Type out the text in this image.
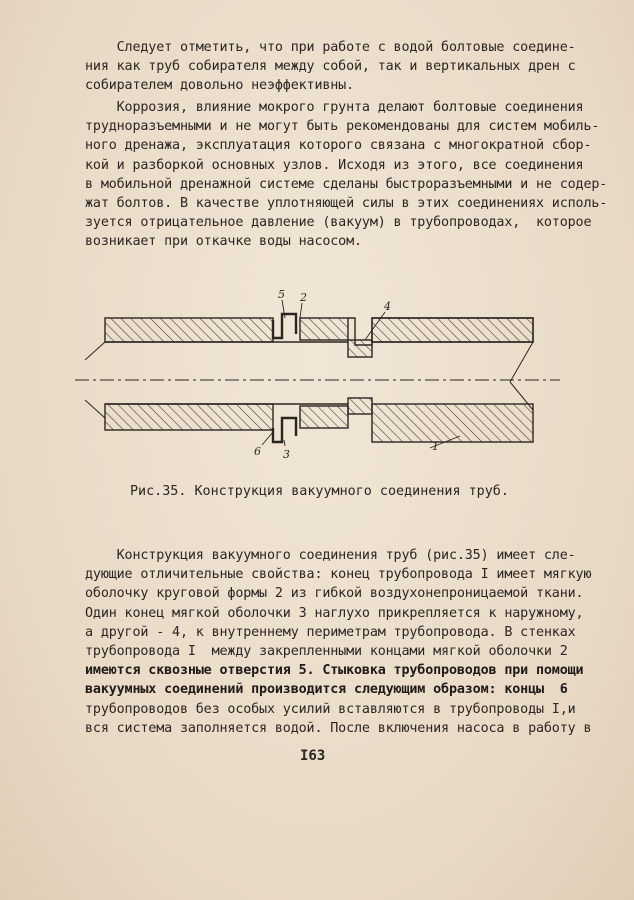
Следует отметить, что при работе с водой болтовые соедине-
ния как труб собирателя между собой, так и вертикальных дрен с
собирателем довольно неэффективны.

Коррозия, влияние мокрого грунта делают болтовые соединения
трудноразъемными и не могут быть рекомендованы для систем мобиль-
ного дренажа, эксплуатация которого связана с многократной сбор-
кой и разборкой основных узлов. Исходя из этого, все соединения
в мобильной дренажной системе сделаны быстроразъемными и не содер-
жат болтов. В качестве уплотняющей силы в этих соединениях исполь-
зуется отрицательное давление (вакуум) в трубопроводах,  которое
возникает при откачке воды насосом.

5 2
4
6 3
1
Рис.35. Конструкция вакуумного соединения труб.

Конструкция вакуумного соединения труб (рис.35) имеет сле-
дующие отличительные свойства: конец трубопровода I имеет мягкую
оболочку круговой формы 2 из гибкой воздухонепроницаемой ткани.
Один конец мягкой оболочки 3 наглухо прикрепляется к наружному,
а другой - 4, к внутреннему периметрам трубопровода. В стенках
трубопровода I  между закрепленными концами мягкой оболочки 2
имеются сквозные отверстия 5. Стыковка трубопроводов при помощи
вакуумных соединений производится следующим образом: концы  6
трубопроводов без особых усилий вставляются в трубопроводы I,и
вся система заполняется водой. После включения насоса в работу в

I63
